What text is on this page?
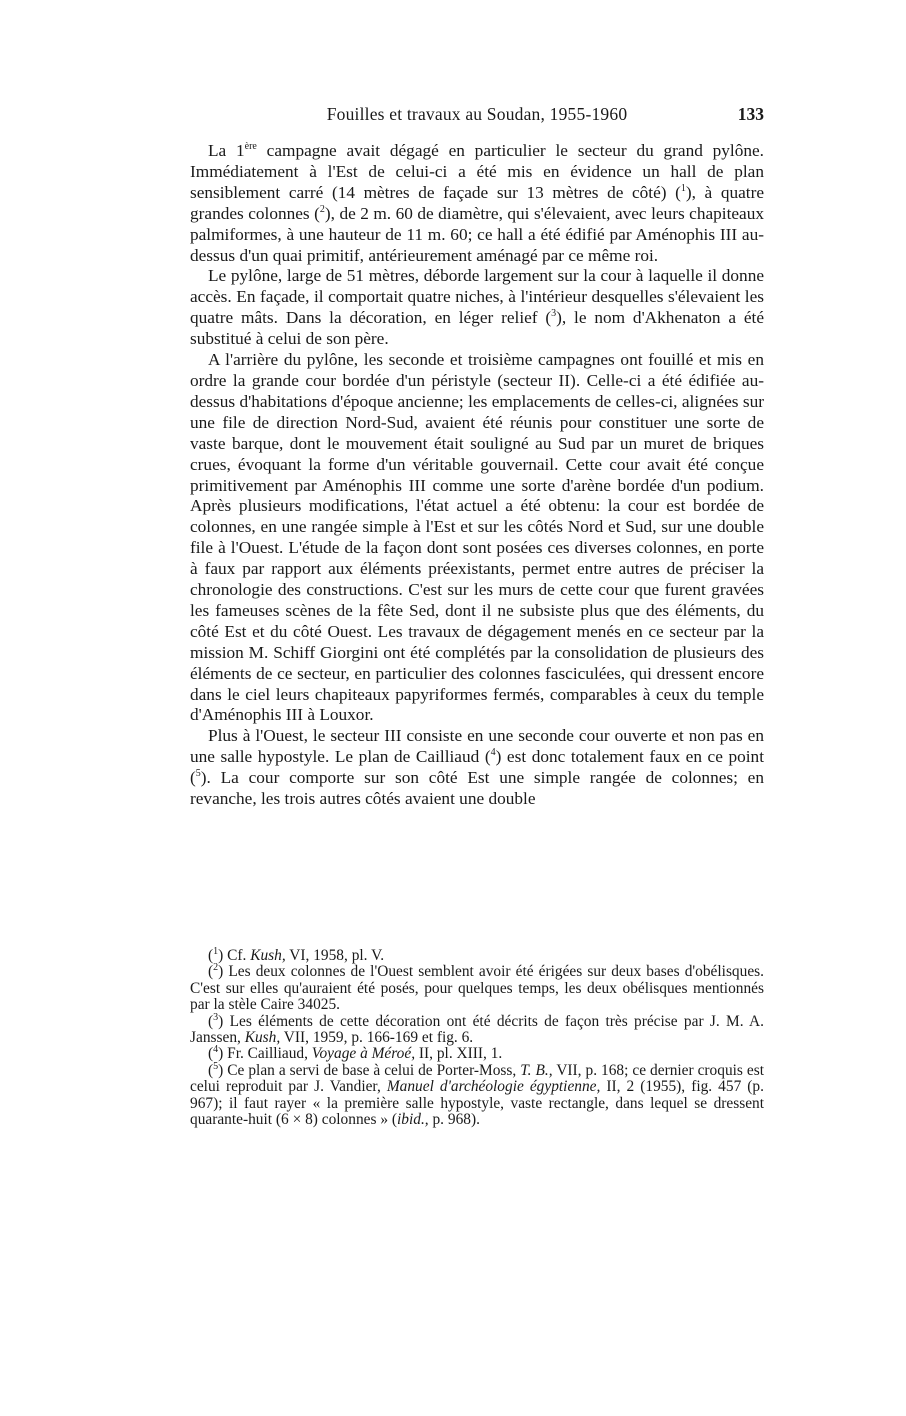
Fouilles et travaux au Soudan, 1955-1960	133

La 1ère campagne avait dégagé en particulier le secteur du grand pylône. Immédiatement à l'Est de celui-ci a été mis en évidence un hall de plan sensiblement carré (14 mètres de façade sur 13 mètres de côté) ($^1$), à quatre grandes colonnes ($^2$), de 2 m. 60 de diamètre, qui s'élevaient, avec leurs chapiteaux palmiformes, à une hauteur de 11 m. 60; ce hall a été édifié par Aménophis III au-dessus d'un quai primitif, antérieurement aménagé par ce même roi.

Le pylône, large de 51 mètres, déborde largement sur la cour à laquelle il donne accès. En façade, il comportait quatre niches, à l'intérieur desquelles s'élevaient les quatre mâts. Dans la décoration, en léger relief ($^3$), le nom d'Akhenaton a été substitué à celui de son père.

A l'arrière du pylône, les seconde et troisième campagnes ont fouillé et mis en ordre la grande cour bordée d'un péristyle (secteur II). Celle-ci a été édifiée au-dessus d'habitations d'époque ancienne; les emplacements de celles-ci, alignées sur une file de direction Nord-Sud, avaient été réunis pour constituer une sorte de vaste barque, dont le mouvement était souligné au Sud par un muret de briques crues, évoquant la forme d'un véritable gouvernail. Cette cour avait été conçue primitivement par Aménophis III comme une sorte d'arène bordée d'un podium. Après plusieurs modifications, l'état actuel a été obtenu: la cour est bordée de colonnes, en une rangée simple à l'Est et sur les côtés Nord et Sud, sur une double file à l'Ouest. L'étude de la façon dont sont posées ces diverses colonnes, en porte à faux par rapport aux éléments préexistants, permet entre autres de préciser la chronologie des constructions. C'est sur les murs de cette cour que furent gravées les fameuses scènes de la fête Sed, dont il ne subsiste plus que des éléments, du côté Est et du côté Ouest. Les travaux de dégagement menés en ce secteur par la mission M. Schiff Giorgini ont été complétés par la consolidation de plusieurs des éléments de ce secteur, en particulier des colonnes fasciculées, qui dressent encore dans le ciel leurs chapiteaux papyriformes fermés, comparables à ceux du temple d'Aménophis III à Louxor.

Plus à l'Ouest, le secteur III consiste en une seconde cour ouverte et non pas en une salle hypostyle. Le plan de Cailliaud ($^4$) est donc totalement faux en ce point ($^5$). La cour comporte sur son côté Est une simple rangée de colonnes; en revanche, les trois autres côtés avaient une double

($^1$) Cf. Kush, VI, 1958, pl. V.

($^2$) Les deux colonnes de l'Ouest semblent avoir été érigées sur deux bases d'obélisques. C'est sur elles qu'auraient été posés, pour quelques temps, les deux obélisques mentionnés par la stèle Caire 34025.

($^3$) Les éléments de cette décoration ont été décrits de façon très précise par J. M. A. Janssen, Kush, VII, 1959, p. 166-169 et fig. 6.

($^4$) Fr. Cailliaud, Voyage à Méroé, II, pl. XIII, 1.

($^5$) Ce plan a servi de base à celui de Porter-Moss, T. B., VII, p. 168; ce dernier croquis est celui reproduit par J. Vandier, Manuel d'archéologie égyptienne, II, 2 (1955), fig. 457 (p. 967); il faut rayer « la première salle hypostyle, vaste rectangle, dans lequel se dressent quarante-huit (6 × 8) colonnes » (ibid., p. 968).
